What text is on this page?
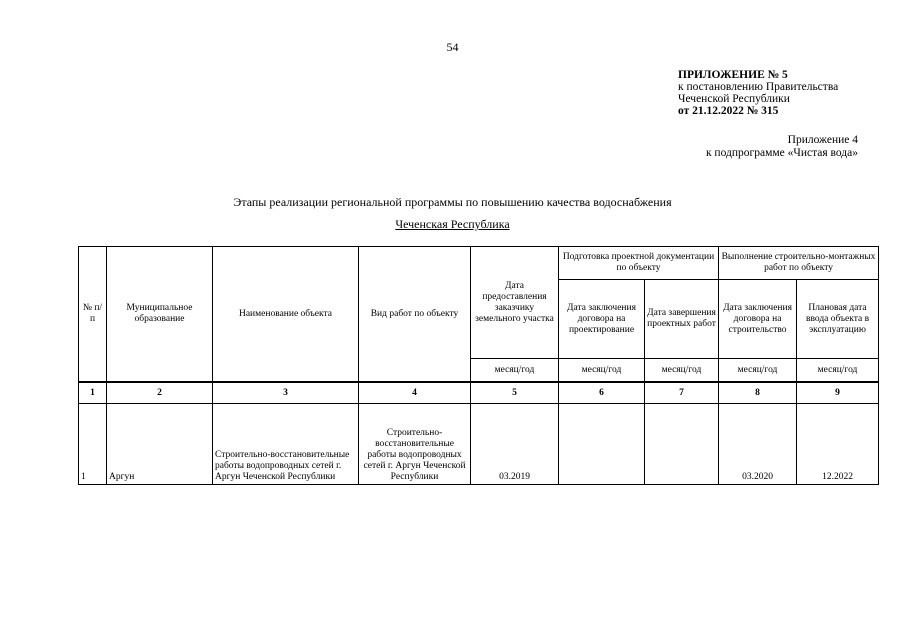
54
ПРИЛОЖЕНИЕ № 5
к постановлению Правительства
Чеченской Республики
от 21.12.2022 № 315
Приложение 4
к подпрограмме «Чистая вода»
Этапы реализации региональной программы по повышению качества водоснабжения
Чеченская Республика
№ п/п	Муниципальное образование	Наименование объекта	Вид работ по объекту	Дата предоставления заказчику земельного участка	Подготовка проектной документации по объекту		Выполнение строительно-монтажных работ по объекту	
					Дата заключения договора на проектирование	Дата завершения проектных работ	Дата заключения договора на строительство	Плановая дата ввода объекта в эксплуатацию
				месяц/год	месяц/год	месяц/год	месяц/год	месяц/год
1	2	3	4	5	6	7	8	9
1	Аргун	Строительно-восстановительные работы водопроводных сетей г. Аргун Чеченской Республики	Строительно-восстановительные работы водопроводных сетей г. Аргун Чеченской Республики	03.2019			03.2020	12.2022
